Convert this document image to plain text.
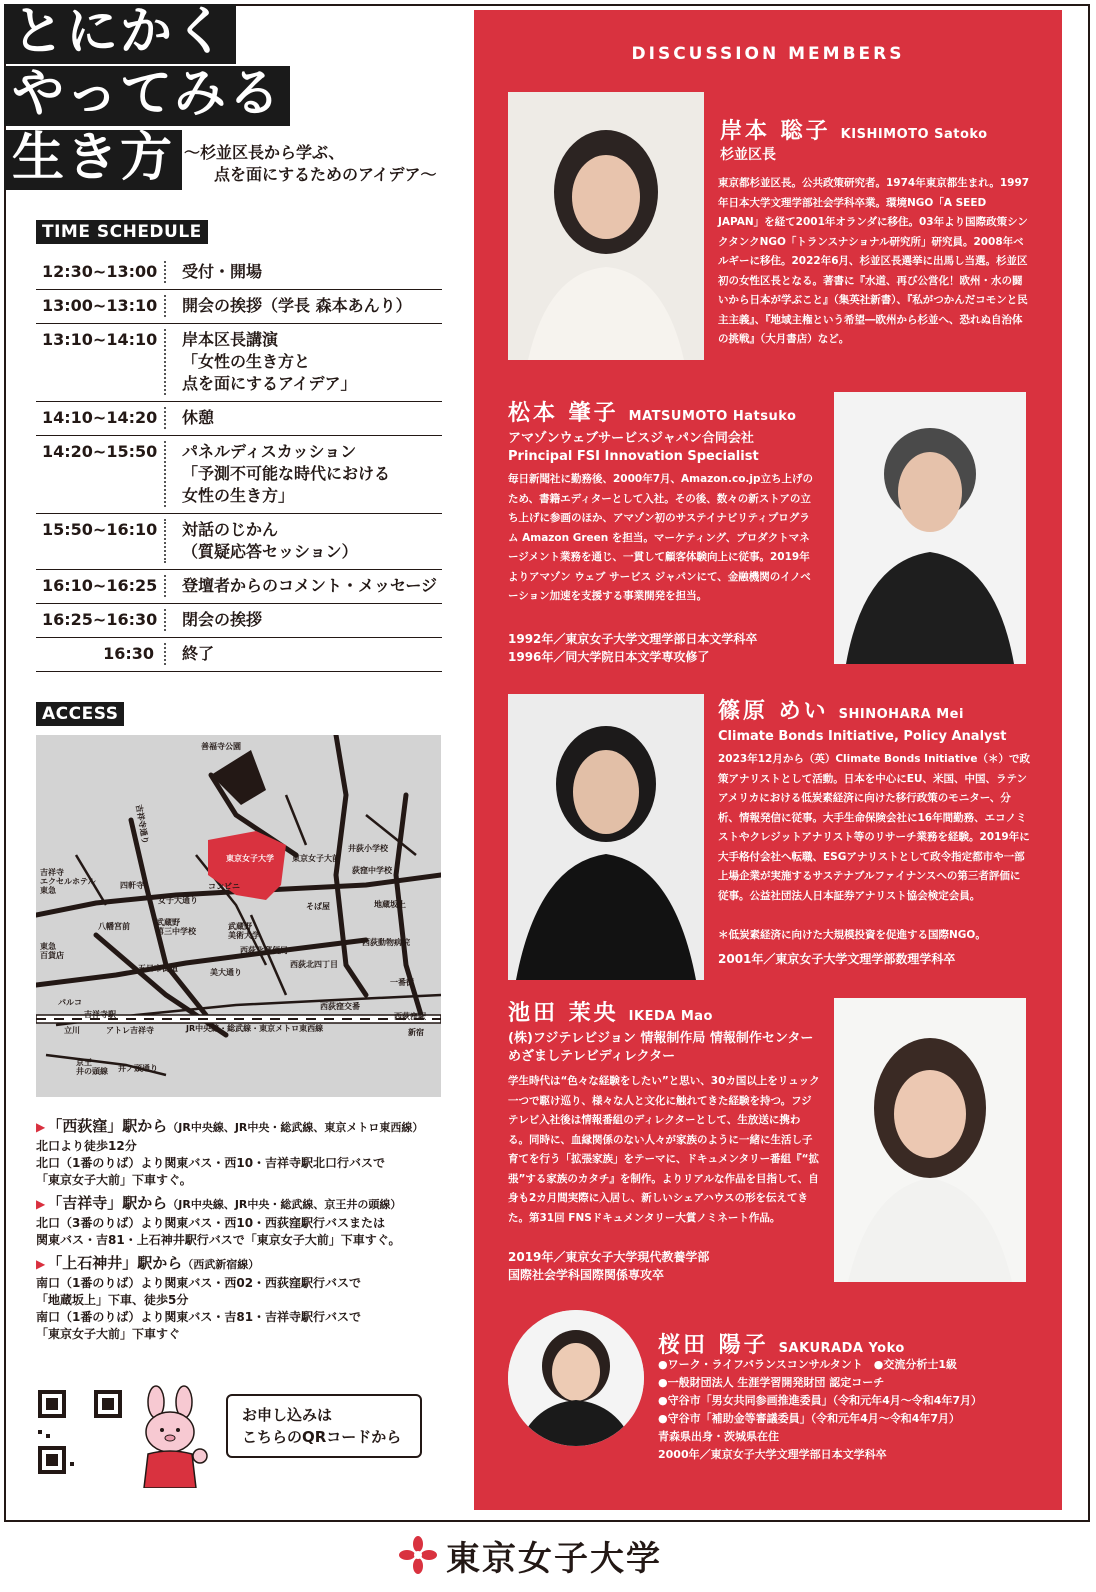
とにかく
やってみる
生き方 〜杉並区長から学ぶ、
点を面にするためのアイデア〜
TIME SCHEDULE
12:30~13:00	受付・開場
13:00~13:10	開会の挨拶（学長 森本あんり）
13:10~14:10	岸本区長講演
「女性の生き方と
点を面にするアイデア」
14:10~14:20	休憩
14:20~15:50	パネルディスカッション
「予測不可能な時代における
女性の生き方」
15:50~16:10	対話のじかん
（質疑応答セッション）
16:10~16:25	登壇者からのコメント・メッセージ
16:25~16:30	閉会の挨拶
16:30	終了
ACCESS
善福寺公園
東京女子大学 東京女子大前
井荻小学校
荻窪中学校
吉祥寺エクセルホテル東急
四軒寺
女子大通り
コンビニ
そば屋	地蔵坂上
八幡宮前	武蔵野第三中学校
武蔵野美術大学
西荻北郵便局
西荻動物病院
西荻北四丁目
東急百貨店
五日市街道	美大通り
一番街
パルコ
吉祥寺駅
西荻窪交番
西荻窪駅
立川	アトレ吉祥寺	JR中央線・総武線・東京メトロ東西線	新宿
井ノ頭通り
京王井の頭線
吉祥寺通り
▶ 「西荻窪」駅から（JR中央線、JR中央・総武線、東京メトロ東西線）
北口より徒歩12分
北口（1番のりば）より関東バス・西10・吉祥寺駅北口行バスで
「東京女子大前」下車すぐ。
▶ 「吉祥寺」駅から（JR中央線、JR中央・総武線、京王井の頭線）
北口（3番のりば）より関東バス・西10・西荻窪駅行バスまたは
関東バス・吉81・上石神井駅行バスで「東京女子大前」下車すぐ。
▶ 「上石神井」駅から（西武新宿線）
南口（1番のりば）より関東バス・西02・西荻窪駅行バスで
「地蔵坂上」下車、徒歩5分
南口（1番のりば）より関東バス・吉81・吉祥寺駅行バスで
「東京女子大前」下車すぐ
お申し込みは
こちらのQRコードから
DISCUSSION MEMBERS
岸本 聡子 KISHIMOTO Satoko
杉並区長
東京都杉並区長。公共政策研究者。1974年東京都生まれ。1997年日本大学文理学部社会学科卒業。環境NGO「A SEED JAPAN」を経て2001年オランダに移住。03年より国際政策シンクタンクNGO「トランスナショナル研究所」研究員。2008年ベルギーに移住。2022年6月、杉並区長選挙に出馬し当選。杉並区初の女性区長となる。著書に『水道、再び公営化！欧州・水の闘いから日本が学ぶこと』（集英社新書）、『私がつかんだコモンと民主主義』、『地域主権という希望―欧州から杉並へ、恐れぬ自治体の挑戦』（大月書店）など。
松本 肇子 MATSUMOTO Hatsuko
アマゾンウェブサービスジャパン合同会社
Principal FSI Innovation Specialist
毎日新聞社に勤務後、2000年7月、Amazon.co.jp立ち上げのため、書籍エディターとして入社。その後、数々の新ストアの立ち上げに参画のほか、アマゾン初のサステイナビリティプログラム Amazon Green を担当。マーケティング、プロダクトマネージメント業務を通じ、一貫して顧客体験向上に従事。2019年よりアマゾン ウェブ サービス ジャパンにて、金融機関のイノベーション加速を支援する事業開発を担当。
1992年／東京女子大学文理学部日本文学科卒
1996年／同大学院日本文学専攻修了
篠原 めい SHINOHARA Mei
Climate Bonds Initiative, Policy Analyst
2023年12月から（英）Climate Bonds Initiative（＊）で政策アナリストとして活動。日本を中心にEU、米国、中国、ラテンアメリカにおける低炭素経済に向けた移行政策のモニター、分析、情報発信に従事。大手生命保険会社に16年間勤務、エコノミストやクレジットアナリスト等のリサーチ業務を経験。2019年に大手格付会社へ転職、ESGアナリストとして政令指定都市や一部上場企業が実施するサステナブルファイナンスへの第三者評価に従事。公益社団法人日本証券アナリスト協会検定会員。
＊低炭素経済に向けた大規模投資を促進する国際NGO。
2001年／東京女子大学文理学部数理学科卒
池田 茉央 IKEDA Mao
(株)フジテレビジョン 情報制作局 情報制作センター
めざましテレビディレクター
学生時代は“色々な経験をしたい”と思い、30カ国以上をリュック一つで駆け巡り、様々な人と文化に触れてきた経験を持つ。フジテレビ入社後は情報番組のディレクターとして、生放送に携わる。同時に、血縁関係のない人々が家族のように一緒に生活し子育てを行う「拡張家族」をテーマに、ドキュメンタリー番組『“拡張”する家族のカタチ』を制作。よりリアルな作品を目指して、自身も2カ月間実際に入居し、新しいシェアハウスの形を伝えてきた。第31回 FNSドキュメンタリー大賞ノミネート作品。
2019年／東京女子大学現代教養学部
国際社会学科国際関係専攻卒
桜田 陽子 SAKURADA Yoko
●ワーク・ライフバランスコンサルタント　●交流分析士1級
●一般財団法人 生涯学習開発財団 認定コーチ
●守谷市「男女共同参画推進委員」（令和元年4月〜令和4年7月）
●守谷市「補助金等審議委員」（令和元年4月〜令和4年7月）
青森県出身・茨城県在住
2000年／東京女子大学文理学部日本文学科卒
東京女子大学
